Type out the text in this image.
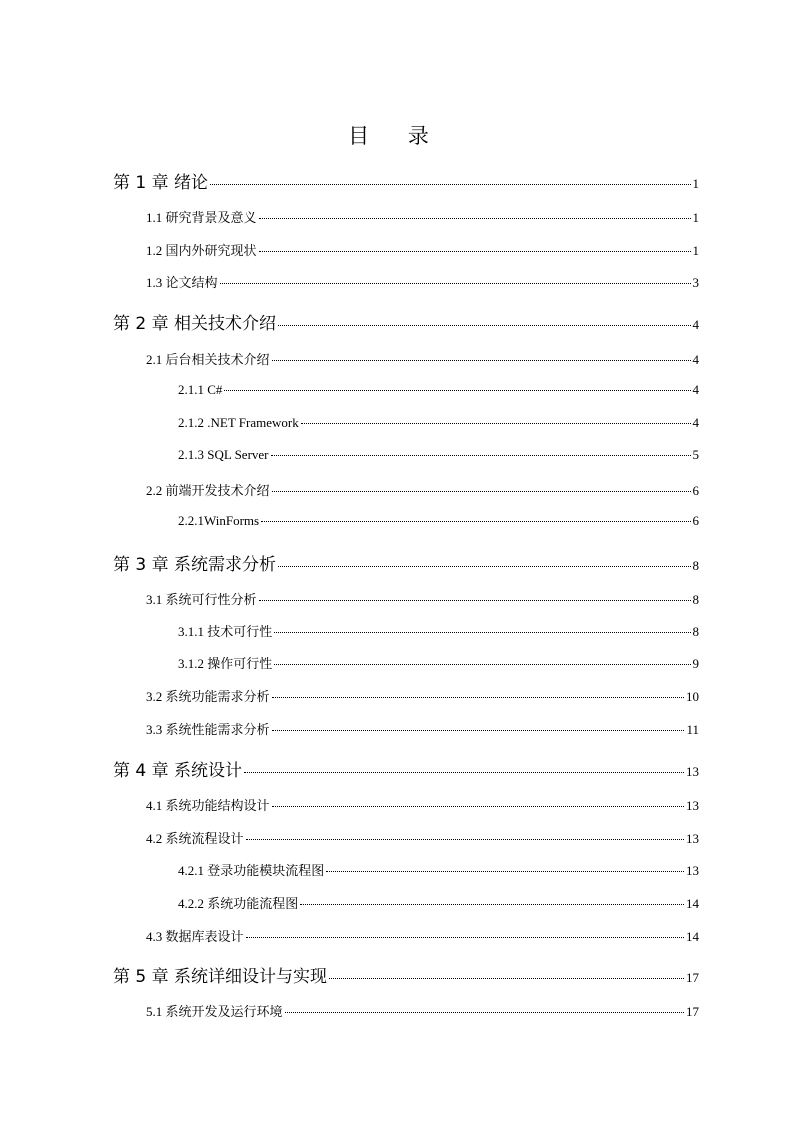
目 录
第 1 章 绪论	1
1.1 研究背景及意义	1
1.2 国内外研究现状	1
1.3 论文结构	3
第 2 章 相关技术介绍	4
2.1 后台相关技术介绍	4
2.1.1 C#	4
2.1.2 .NET Framework	4
2.1.3 SQL Server	5
2.2 前端开发技术介绍	6
2.2.1WinForms	6
第 3 章 系统需求分析	8
3.1 系统可行性分析	8
3.1.1 技术可行性	8
3.1.2 操作可行性	9
3.2 系统功能需求分析	10
3.3 系统性能需求分析	11
第 4 章 系统设计	13
4.1 系统功能结构设计	13
4.2 系统流程设计	13
4.2.1 登录功能模块流程图	13
4.2.2 系统功能流程图	14
4.3 数据库表设计	14
第 5 章 系统详细设计与实现	17
5.1 系统开发及运行环境	17
